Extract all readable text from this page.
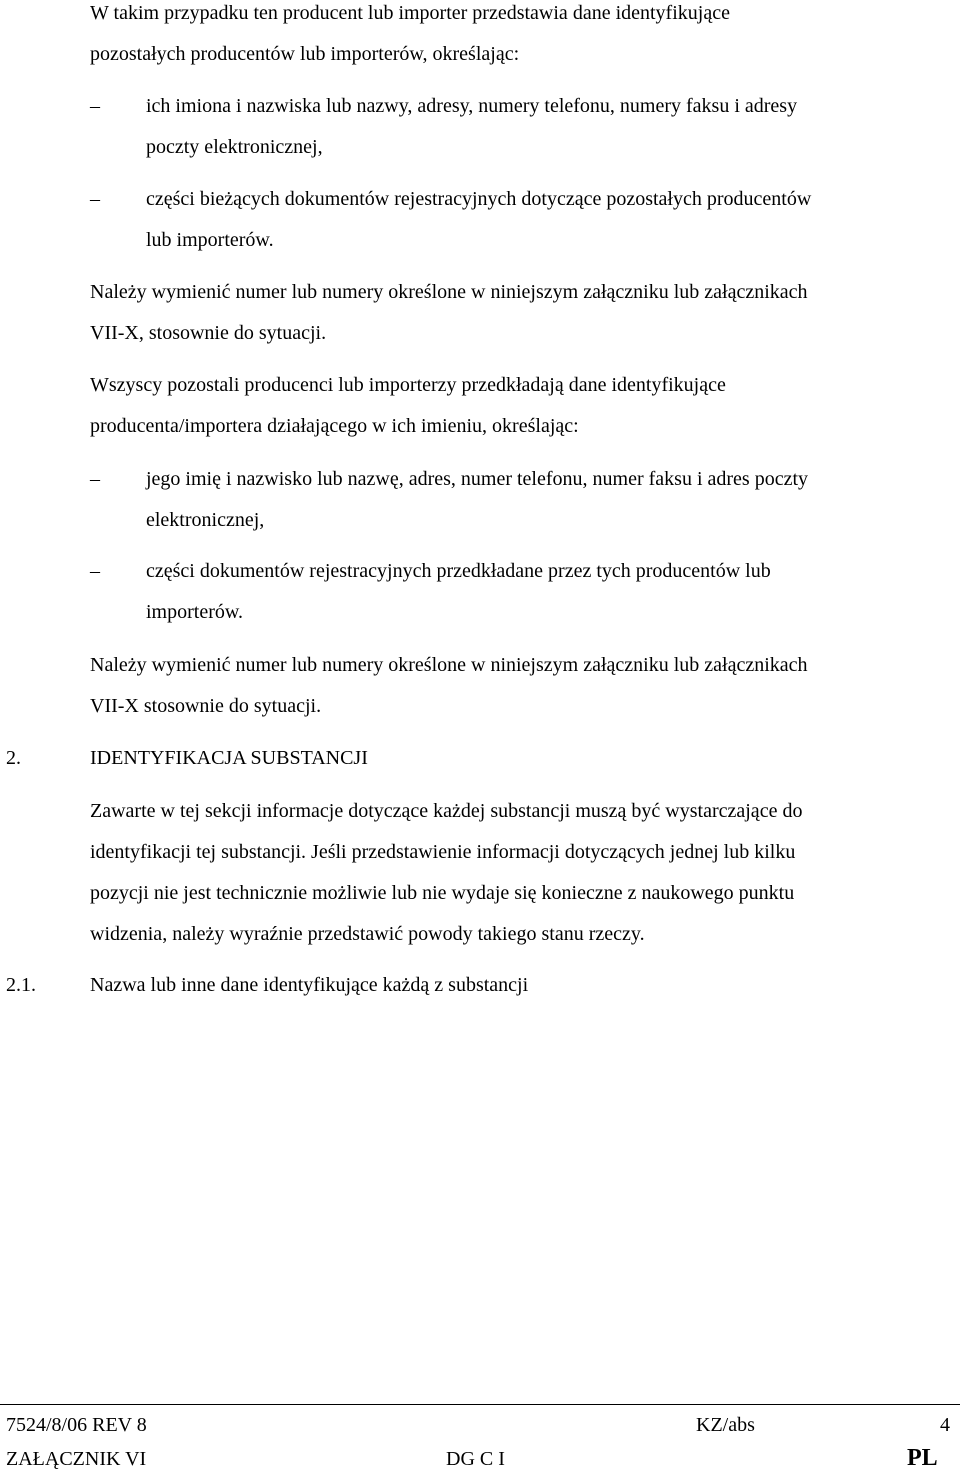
W takim przypadku ten producent lub importer przedstawia dane identyfikujące
pozostałych producentów lub importerów, określając:
– ich imiona i nazwiska lub nazwy, adresy, numery telefonu, numery faksu i adresy
poczty elektronicznej,
– części bieżących dokumentów rejestracyjnych dotyczące pozostałych producentów
lub importerów.
Należy wymienić numer lub numery określone w niniejszym załączniku lub załącznikach
VII-X, stosownie do sytuacji.
Wszyscy pozostali producenci lub importerzy przedkładają dane identyfikujące
producenta/importera działającego w ich imieniu, określając:
– jego imię i nazwisko lub nazwę, adres, numer telefonu, numer faksu i adres poczty
elektronicznej,
– części dokumentów rejestracyjnych przedkładane przez tych producentów lub
importerów.
Należy wymienić numer lub numery określone w niniejszym załączniku lub załącznikach
VII-X stosownie do sytuacji.
2.	IDENTYFIKACJA SUBSTANCJI
Zawarte w tej sekcji informacje dotyczące każdej substancji muszą być wystarczające do
identyfikacji tej substancji. Jeśli przedstawienie informacji dotyczących jednej lub kilku
pozycji nie jest technicznie możliwie lub nie wydaje się konieczne z naukowego punktu
widzenia, należy wyraźnie przedstawić powody takiego stanu rzeczy.
2.1.	Nazwa lub inne dane identyfikujące każdą z substancji
7524/8/06 REV 8	KZ/abs	4
ZAŁĄCZNIK VI	DG C I	PL
